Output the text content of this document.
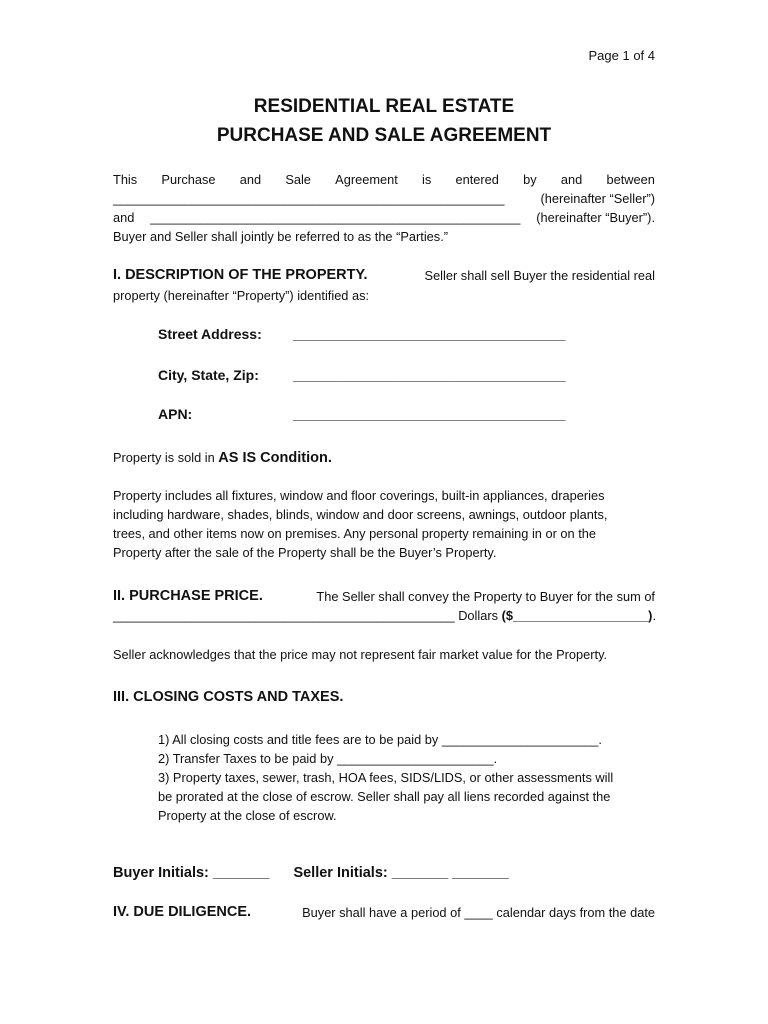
Page 1 of 4
RESIDENTIAL REAL ESTATE
PURCHASE AND SALE AGREEMENT
This Purchase and Sale Agreement is entered by and between
_______________________________________________________	(hereinafter “Seller”)
and ____________________________________________________ (hereinafter “Buyer”).
Buyer and Seller shall jointly be referred to as the “Parties.”
I. DESCRIPTION OF THE PROPERTY.	Seller shall sell Buyer the residential real
property (hereinafter “Property”) identified as:
Street Address: ___________________________________
City, State, Zip: ___________________________________
APN:	___________________________________
Property is sold in AS IS Condition.
Property includes all fixtures, window and floor coverings, built-in appliances, draperies
including hardware, shades, blinds, window and door screens, awnings, outdoor plants,
trees, and other items now on premises. Any personal property remaining in or on the
Property after the sale of the Property shall be the Buyer’s Property.
II. PURCHASE PRICE.	The Seller shall convey the Property to Buyer for the sum of
________________________________________________ Dollars ($___________________).
Seller acknowledges that the price may not represent fair market value for the Property.
III. CLOSING COSTS AND TAXES.
1) All closing costs and title fees are to be paid by ______________________.
2) Transfer Taxes to be paid by ______________________.
3) Property taxes, sewer, trash, HOA fees, SIDS/LIDS, or other assessments will
be prorated at the close of escrow. Seller shall pay all liens recorded against the
Property at the close of escrow.
Buyer Initials: _______ Seller Initials: _______ _______
IV. DUE DILIGENCE.	Buyer shall have a period of ____ calendar days from the date
